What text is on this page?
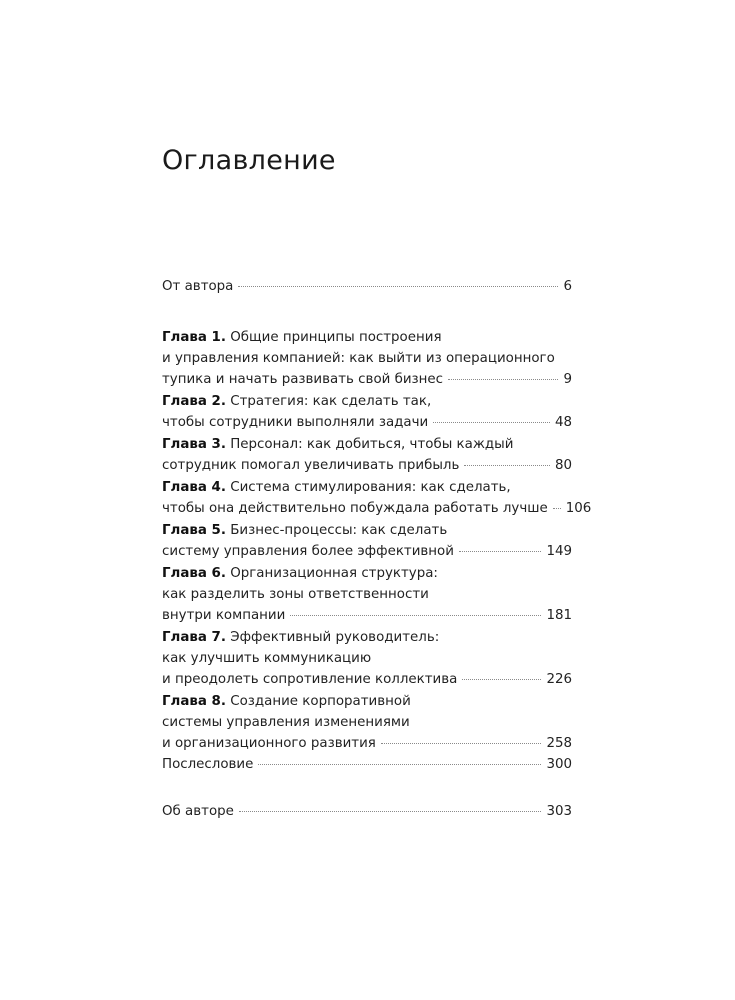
Оглавление
От автора	6
Глава 1. Общие принципы построения
и управления компанией: как выйти из операционного
тупика и начать развивать свой бизнес	9
Глава 2. Стратегия: как сделать так,
чтобы сотрудники выполняли задачи	48
Глава 3. Персонал: как добиться, чтобы каждый
сотрудник помогал увеличивать прибыль	80
Глава 4. Система стимулирования: как сделать,
чтобы она действительно побуждала работать лучше 106
Глава 5. Бизнес-процессы: как сделать
систему управления более эффективной	149
Глава 6. Организационная структура:
как разделить зоны ответственности
внутри компании	181
Глава 7. Эффективный руководитель:
как улучшить коммуникацию
и преодолеть сопротивление коллектива	226
Глава 8. Создание корпоративной
системы управления изменениями
и организационного развития	258
Послесловие	300
Об авторе	303
